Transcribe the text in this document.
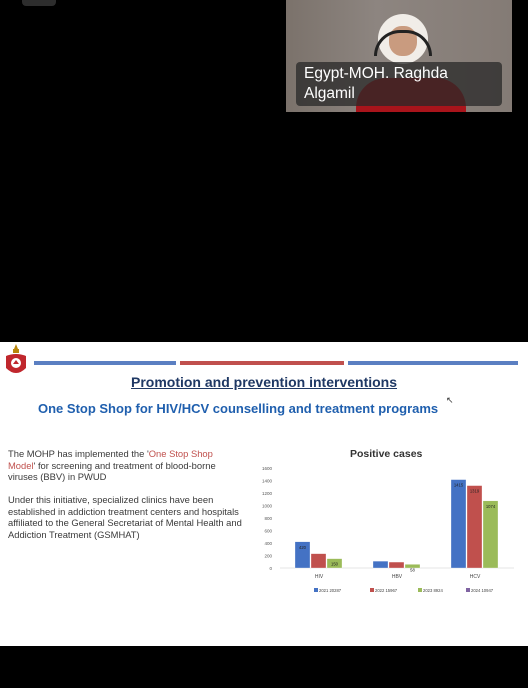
Egypt-MOH. Raghda
Algamil
Promotion and prevention interventions
↖
One Stop Shop for HIV/HCV counselling and treatment programs
The MOHP has implemented the 'One Stop Shop
Model' for screening and treatment of blood-borne
viruses (BBV) in PWUD
Under this initiative, specialized clinics have been established in addiction treatment centers and hospitals affiliated to the General Secretariat of Mental Health and Addiction Treatment (GSMHAT)
Positive cases
0
200
400
600
800
1000
1200
1400
1600
420
150
HIV
58
HBV
1415
1319
1074
HCV
2021 20287	2022 15967	2023 8924	2024 10947
